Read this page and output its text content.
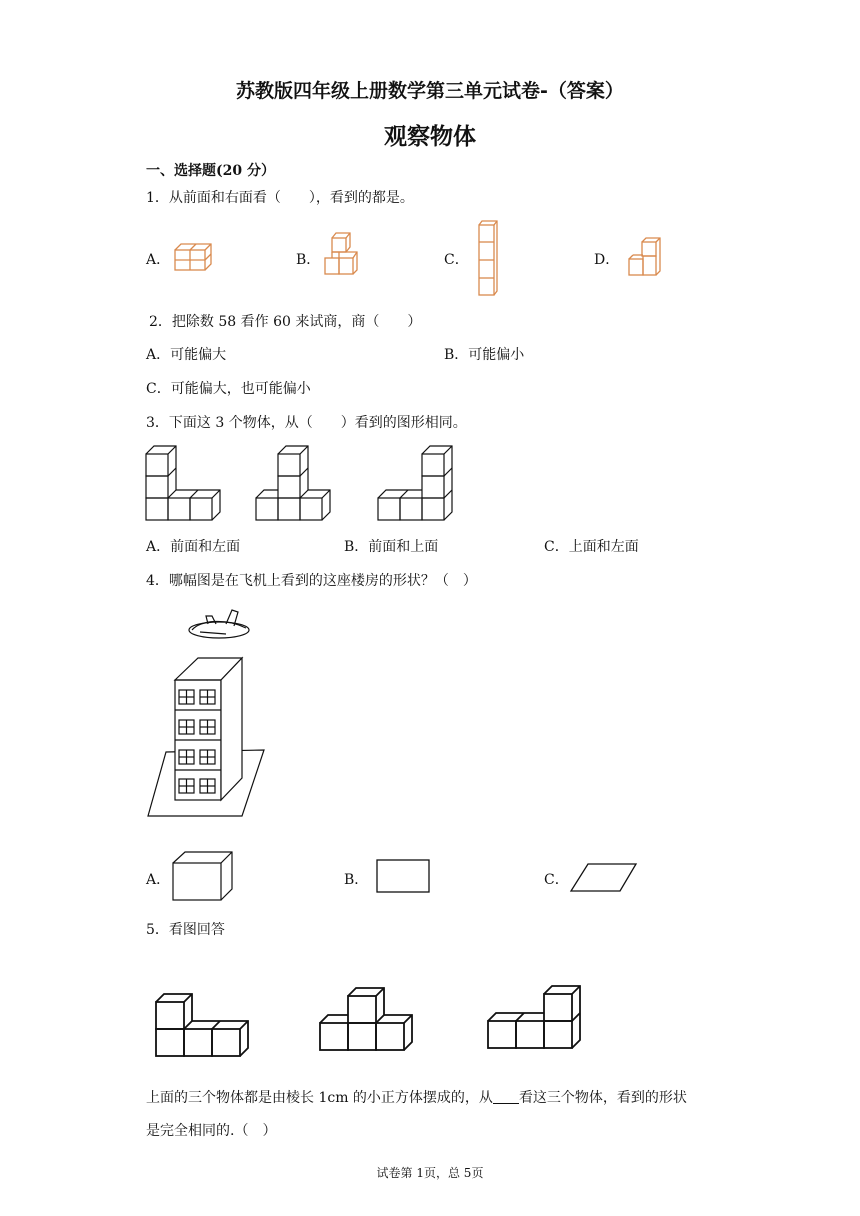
苏教版四年级上册数学第三单元试卷-（答案）
观察物体
一、选择题(20 分）
1．从前面和右面看（　　），看到的都是。
A．	B．	C．	D．
2．把除数 58 看作 60 来试商，商（　　）
A．可能偏大	B．可能偏小
C．可能偏大，也可能偏小
3．下面这 3 个物体，从（　　）看到的图形相同。
A．前面和左面	B．前面和上面	C．上面和左面
4．哪幅图是在飞机上看到的这座楼房的形状？（　）
A．	B．	C．
5．看图回答
上面的三个物体都是由棱长 1cm 的小正方体摆成的，从 看这三个物体，看到的形状
是完全相同的.（　）
试卷第 1页，总 5页
